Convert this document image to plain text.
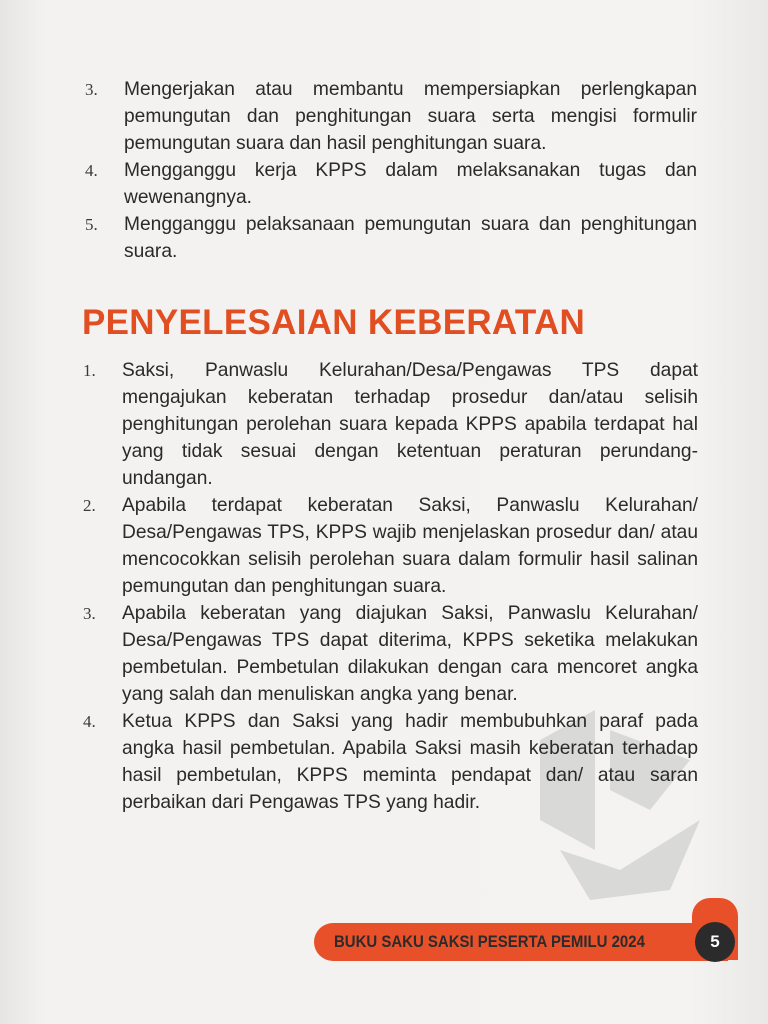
3.	Mengerjakan atau membantu mempersiapkan perlengkapan pemungutan dan penghitungan suara serta mengisi formulir pemungutan suara dan hasil penghitungan suara.
4.	Mengganggu kerja KPPS dalam melaksanakan tugas dan wewenangnya.
5.	Mengganggu pelaksanaan pemungutan suara dan penghitungan suara.
PENYELESAIAN KEBERATAN
1.	Saksi, Panwaslu Kelurahan/Desa/Pengawas TPS dapat mengajukan keberatan terhadap prosedur dan/atau selisih penghitungan perolehan suara kepada KPPS apabila terdapat hal yang tidak sesuai dengan ketentuan peraturan perundang-undangan.
2.	Apabila terdapat keberatan Saksi, Panwaslu Kelurahan/ Desa/Pengawas TPS, KPPS wajib menjelaskan prosedur dan/ atau mencocokkan selisih perolehan suara dalam formulir hasil salinan pemungutan dan penghitungan suara.
3.	Apabila keberatan yang diajukan Saksi, Panwaslu Kelurahan/ Desa/Pengawas TPS dapat diterima, KPPS seketika melakukan pembetulan. Pembetulan dilakukan dengan cara mencoret angka yang salah dan menuliskan angka yang benar.
4.	Ketua KPPS dan Saksi yang hadir membubuhkan paraf pada angka hasil pembetulan. Apabila Saksi masih keberatan terhadap hasil pembetulan, KPPS meminta pendapat dan/ atau saran perbaikan dari Pengawas TPS yang hadir.
BUKU SAKU SAKSI PESERTA PEMILU 2024	5
